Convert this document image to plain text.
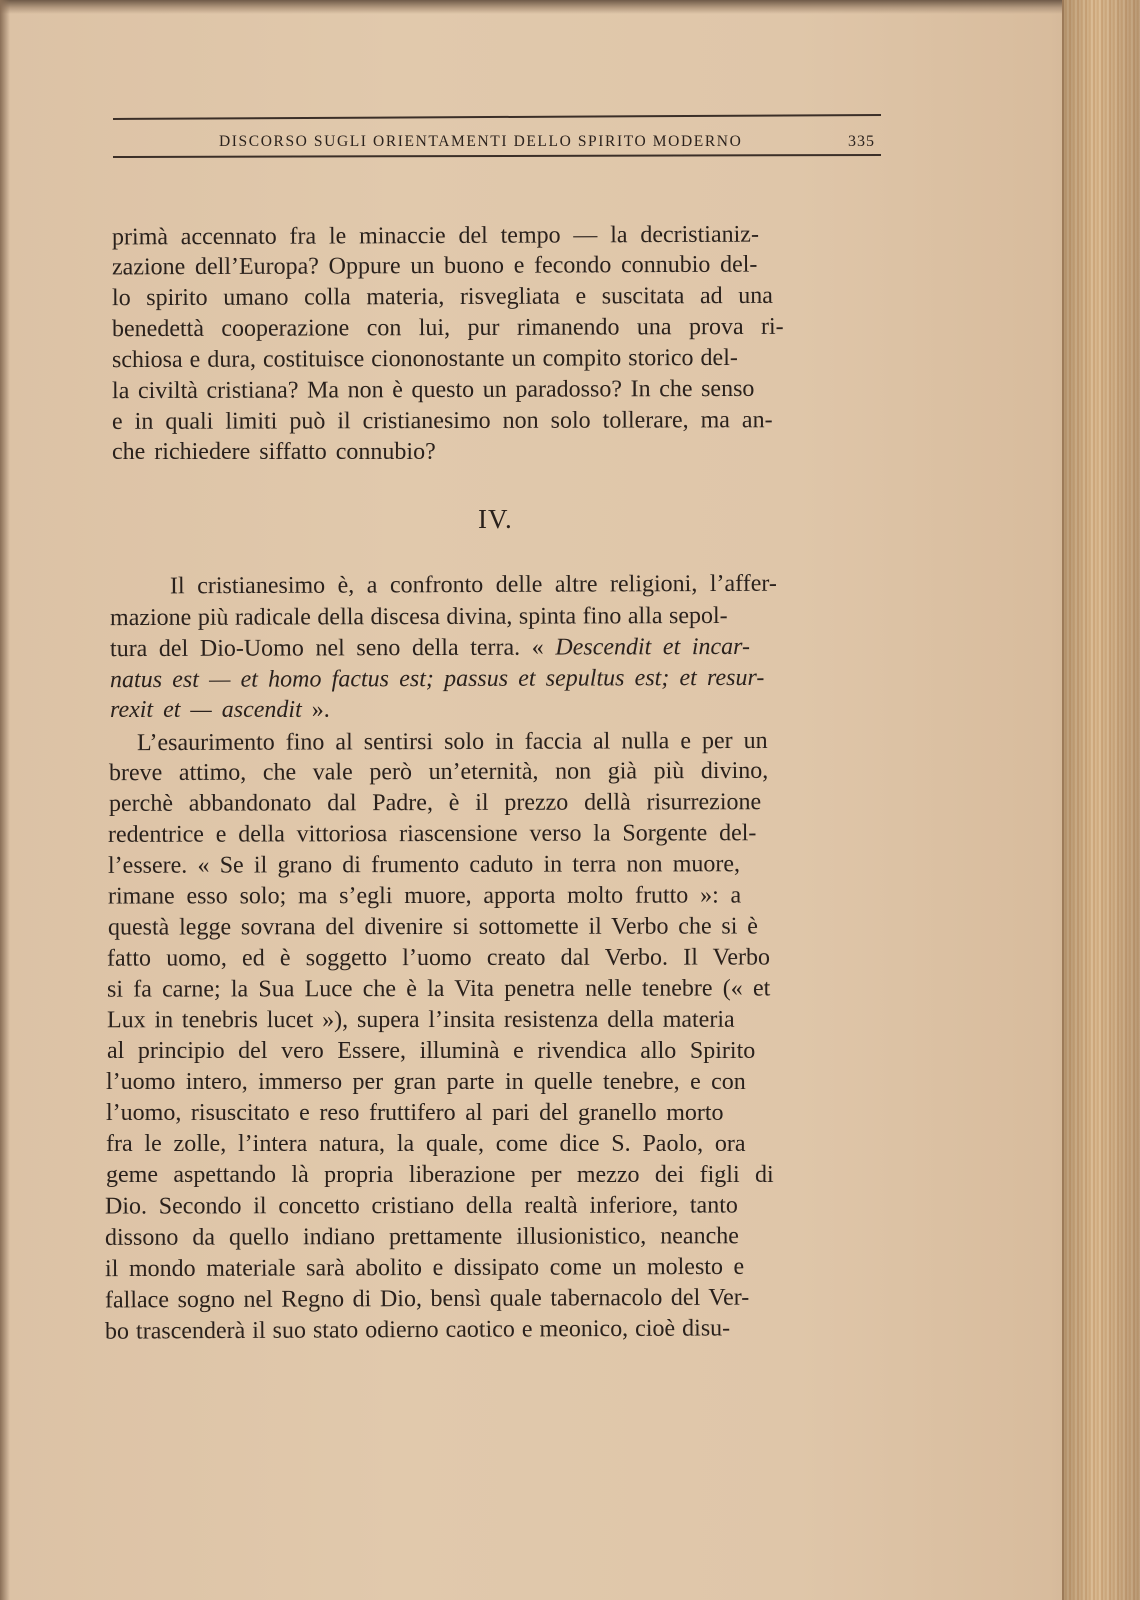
DISCORSO SUGLI ORIENTAMENTI DELLO SPIRITO MODERNO	335
primà accennato fra le minaccie del tempo — la decristianiz-
zazione dell’Europa? Oppure un buono e fecondo connubio del-
lo spirito umano colla materia, risvegliata e suscitata ad una
benedettà cooperazione con lui, pur rimanendo una prova ri-
schiosa e dura, costituisce ciononostante un compito storico del-
la civiltà cristiana? Ma non è questo un paradosso? In che senso
e in quali limiti può il cristianesimo non solo tollerare, ma an-
che richiedere siffatto connubio?
IV.
Il cristianesimo è, a confronto delle altre religioni, l’affer-
mazione più radicale della discesa divina, spinta fino alla sepol-
tura del Dio-Uomo nel seno della terra. « Descendit et incar-
natus est — et homo factus est; passus et sepultus est; et resur-
rexit et — ascendit ».
L’esaurimento fino al sentirsi solo in faccia al nulla e per un
breve attimo, che vale però un’eternità, non già più divino,
perchè abbandonato dal Padre, è il prezzo dellà risurrezione
redentrice e della vittoriosa riascensione verso la Sorgente del-
l’essere. « Se il grano di frumento caduto in terra non muore,
rimane esso solo; ma s’egli muore, apporta molto frutto »: a
questà legge sovrana del divenire si sottomette il Verbo che si è
fatto uomo, ed è soggetto l’uomo creato dal Verbo. Il Verbo
si fa carne; la Sua Luce che è la Vita penetra nelle tenebre (« et
Lux in tenebris lucet »), supera l’insita resistenza della materia
al principio del vero Essere, illuminà e rivendica allo Spirito
l’uomo intero, immerso per gran parte in quelle tenebre, e con
l’uomo, risuscitato e reso fruttifero al pari del granello morto
fra le zolle, l’intera natura, la quale, come dice S. Paolo, ora
geme aspettando là propria liberazione per mezzo dei figli di
Dio. Secondo il concetto cristiano della realtà inferiore, tanto
dissono da quello indiano prettamente illusionistico, neanche
il mondo materiale sarà abolito e dissipato come un molesto e
fallace sogno nel Regno di Dio, bensì quale tabernacolo del Ver-
bo trascenderà il suo stato odierno caotico e meonico, cioè disu-
